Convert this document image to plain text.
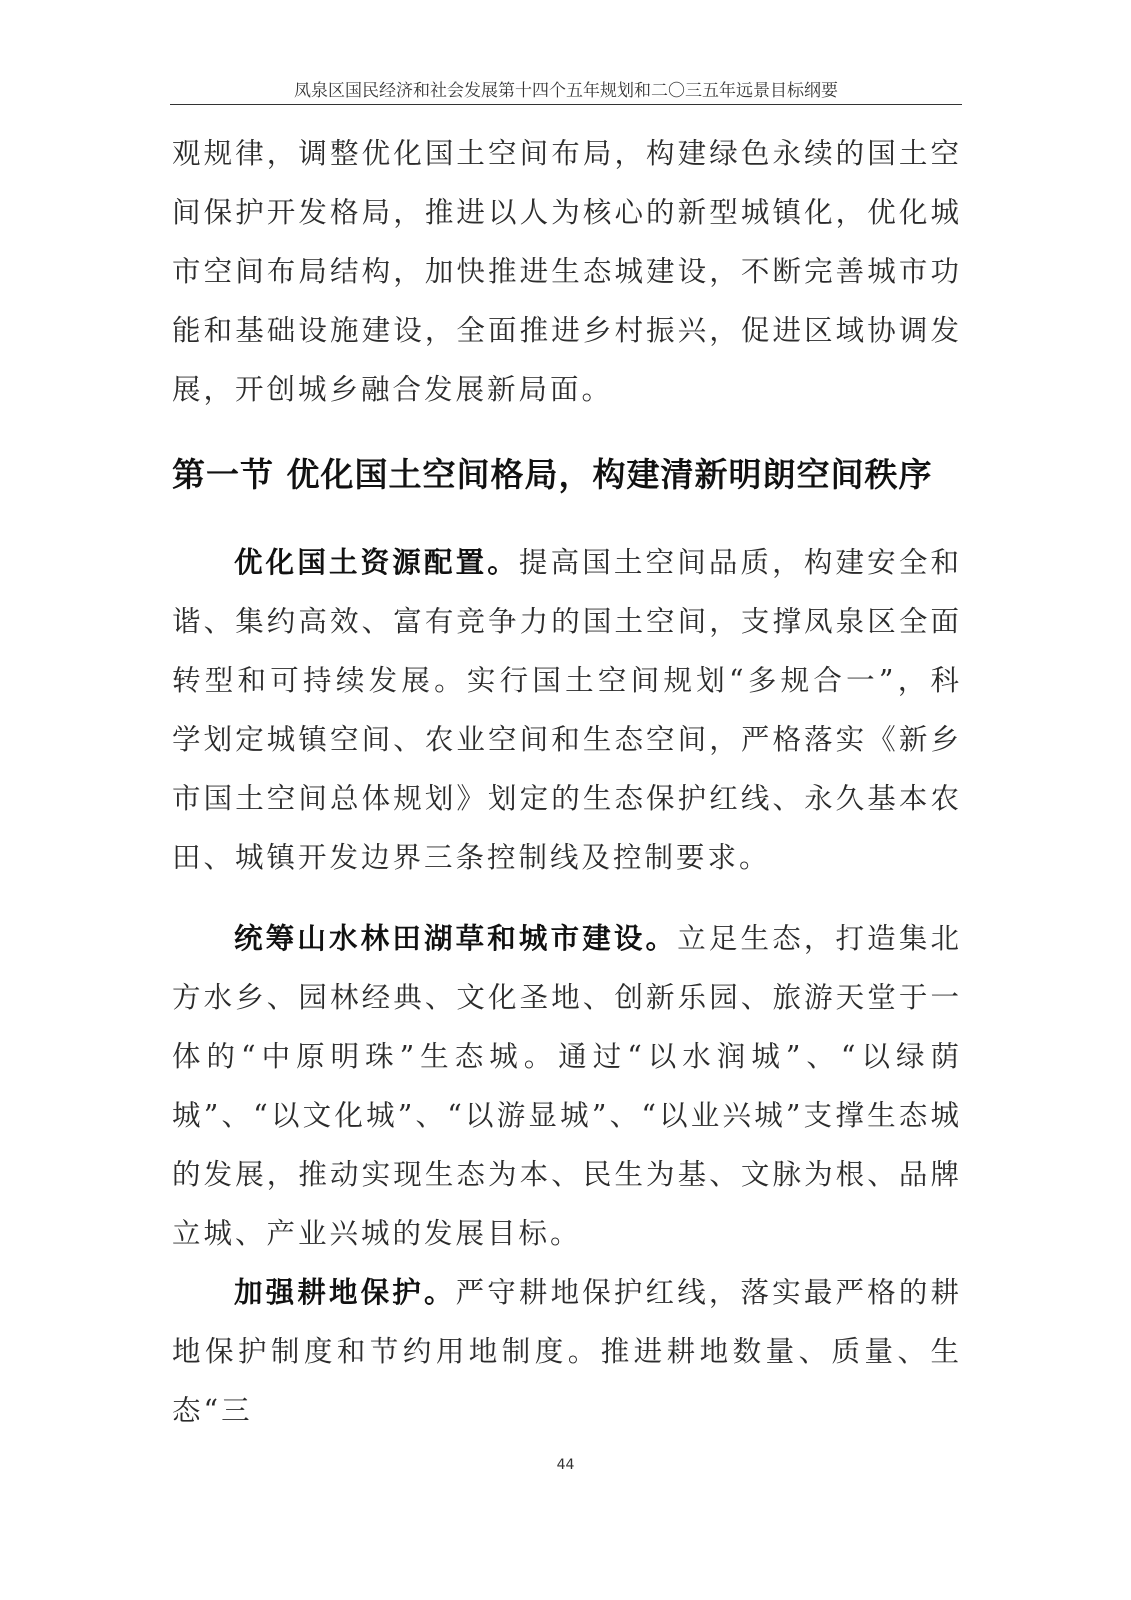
凤泉区国民经济和社会发展第十四个五年规划和二〇三五年远景目标纲要

观规律，调整优化国土空间布局，构建绿色永续的国土空间保护开发格局，推进以人为核心的新型城镇化，优化城市空间布局结构，加快推进生态城建设，不断完善城市功能和基础设施建设，全面推进乡村振兴，促进区域协调发展，开创城乡融合发展新局面。

第一节 优化国土空间格局，构建清新明朗空间秩序

优化国土资源配置。提高国土空间品质，构建安全和谐、集约高效、富有竞争力的国土空间，支撑凤泉区全面转型和可持续发展。实行国土空间规划“多规合一”，科学划定城镇空间、农业空间和生态空间，严格落实《新乡市国土空间总体规划》划定的生态保护红线、永久基本农田、城镇开发边界三条控制线及控制要求。

统筹山水林田湖草和城市建设。立足生态，打造集北方水乡、园林经典、文化圣地、创新乐园、旅游天堂于一体的“中原明珠”生态城。通过“以水润城”、“以绿荫城”、“以文化城”、“以游显城”、“以业兴城”支撑生态城的发展，推动实现生态为本、民生为基、文脉为根、品牌立城、产业兴城的发展目标。

加强耕地保护。严守耕地保护红线，落实最严格的耕地保护制度和节约用地制度。推进耕地数量、质量、生态“三

44
